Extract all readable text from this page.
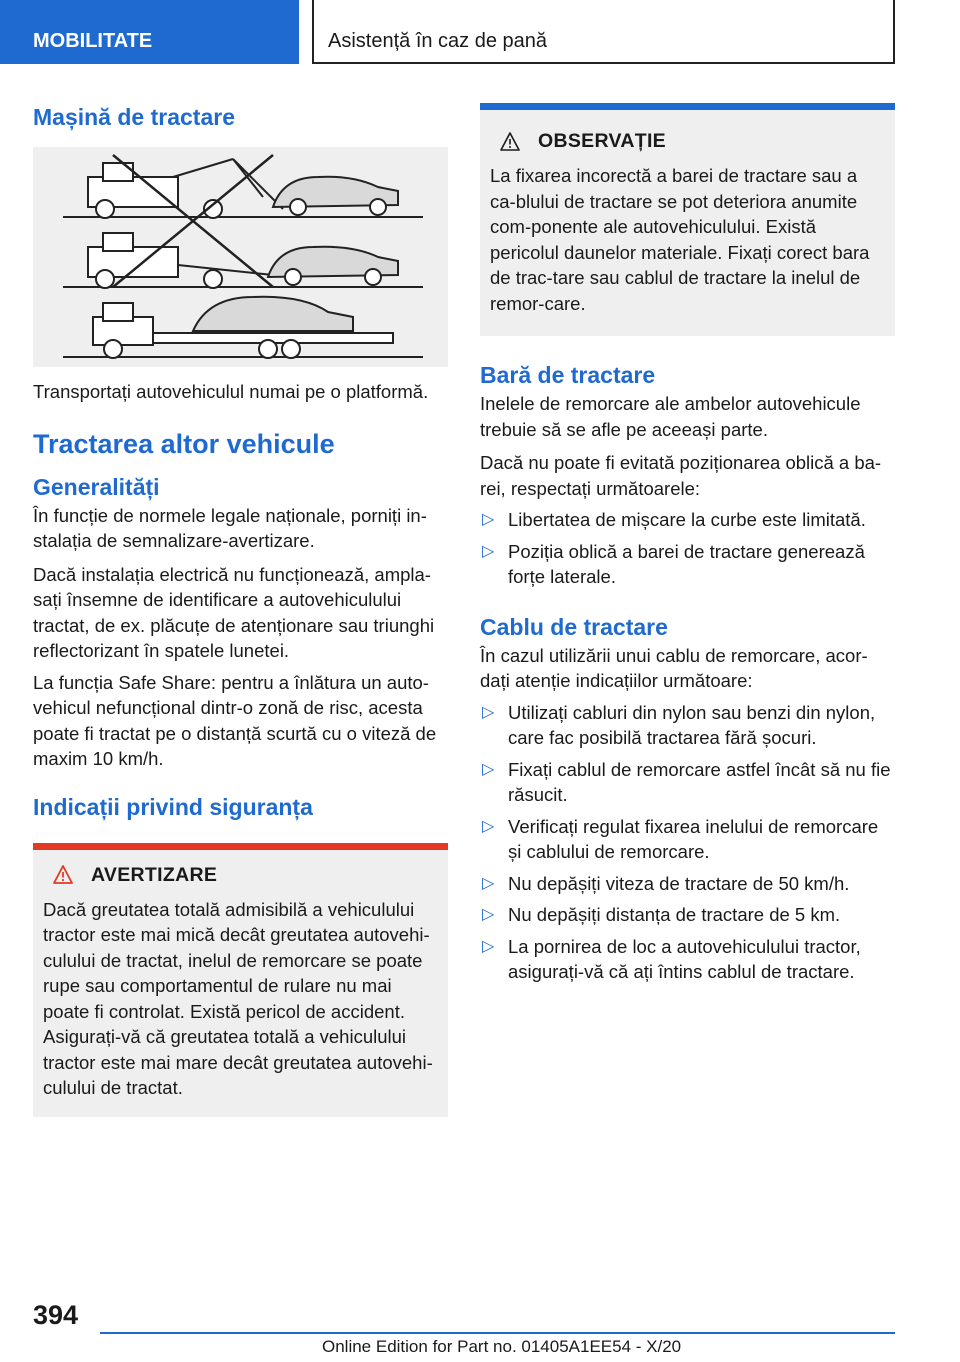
MOBILITATE	Asistență în caz de pană
Mașină de tractare

Transportați autovehiculul numai pe o platformă.

Tractarea altor vehicule
Generalități

În funcție de normele legale naționale, porniți in-stalația de semnalizare-avertizare.

Dacă instalația electrică nu funcționează, ampla-sați însemne de identificare a autovehiculului tractat, de ex. plăcuțe de atenționare sau triunghi reflectorizant în spatele lunetei.

La funcția Safe Share: pentru a înlătura un auto-vehicul nefuncțional dintr-o zonă de risc, acesta poate fi tractat pe o distanță scurtă cu o viteză de maxim 10 km/h.

Indicații privind siguranța
AVERTIZARE

Dacă greutatea totală admisibilă a vehiculului tractor este mai mică decât greutatea autovehi-culului de tractat, inelul de remorcare se poate rupe sau comportamentul de rulare nu mai poate fi controlat. Există pericol de accident. Asigurați-vă că greutatea totală a vehiculului tractor este mai mare decât greutatea autovehi-culului de tractat.

OBSERVAȚIE

La fixarea incorectă a barei de tractare sau a ca-blului de tractare se pot deteriora anumite com-ponente ale autovehiculului. Există pericolul daunelor materiale. Fixați corect bara de trac-tare sau cablul de tractare la inelul de remor-care.

Bară de tractare

Inelele de remorcare ale ambelor autovehicule trebuie să se afle pe aceeași parte.

Dacă nu poate fi evitată poziționarea oblică a ba-rei, respectați următoarele:

▷ Libertatea de mișcare la curbe este limitată.
▷ Poziția oblică a barei de tractare generează forțe laterale.
Cablu de tractare

În cazul utilizării unui cablu de remorcare, acor-dați atenție indicațiilor următoare:

▷ Utilizați cabluri din nylon sau benzi din nylon, care fac posibilă tractarea fără șocuri.
▷ Fixați cablul de remorcare astfel încât să nu fie răsucit.
▷ Verificați regulat fixarea inelului de remorcare și cablului de remorcare.
▷ Nu depășiți viteza de tractare de 50 km/h.
▷ Nu depășiți distanța de tractare de 5 km.
▷ La pornirea de loc a autovehiculului tractor, asigurați-vă că ați întins cablul de tractare.
394
Online Edition for Part no. 01405A1EE54 - X/20
